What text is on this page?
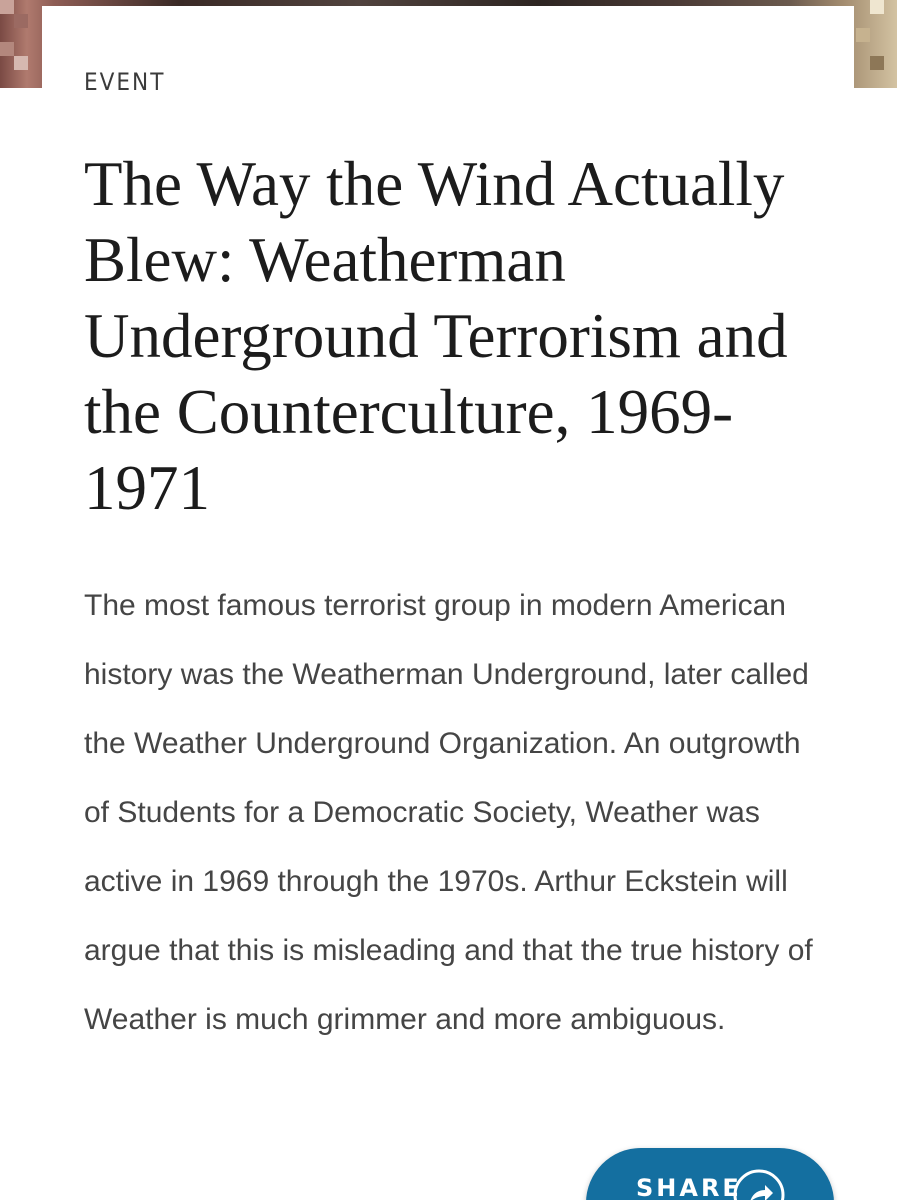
EVENT
The Way the Wind Actually Blew: Weatherman Underground Terrorism and the Counterculture, 1969-1971

The most famous terrorist group in modern American history was the Weatherman Underground, later called the Weather Underground Organization. An outgrowth of Students for a Democratic Society, Weather was active in 1969 through the 1970s. Arthur Eckstein will argue that this is misleading and that the true history of Weather is much grimmer and more ambiguous.

SHARE
